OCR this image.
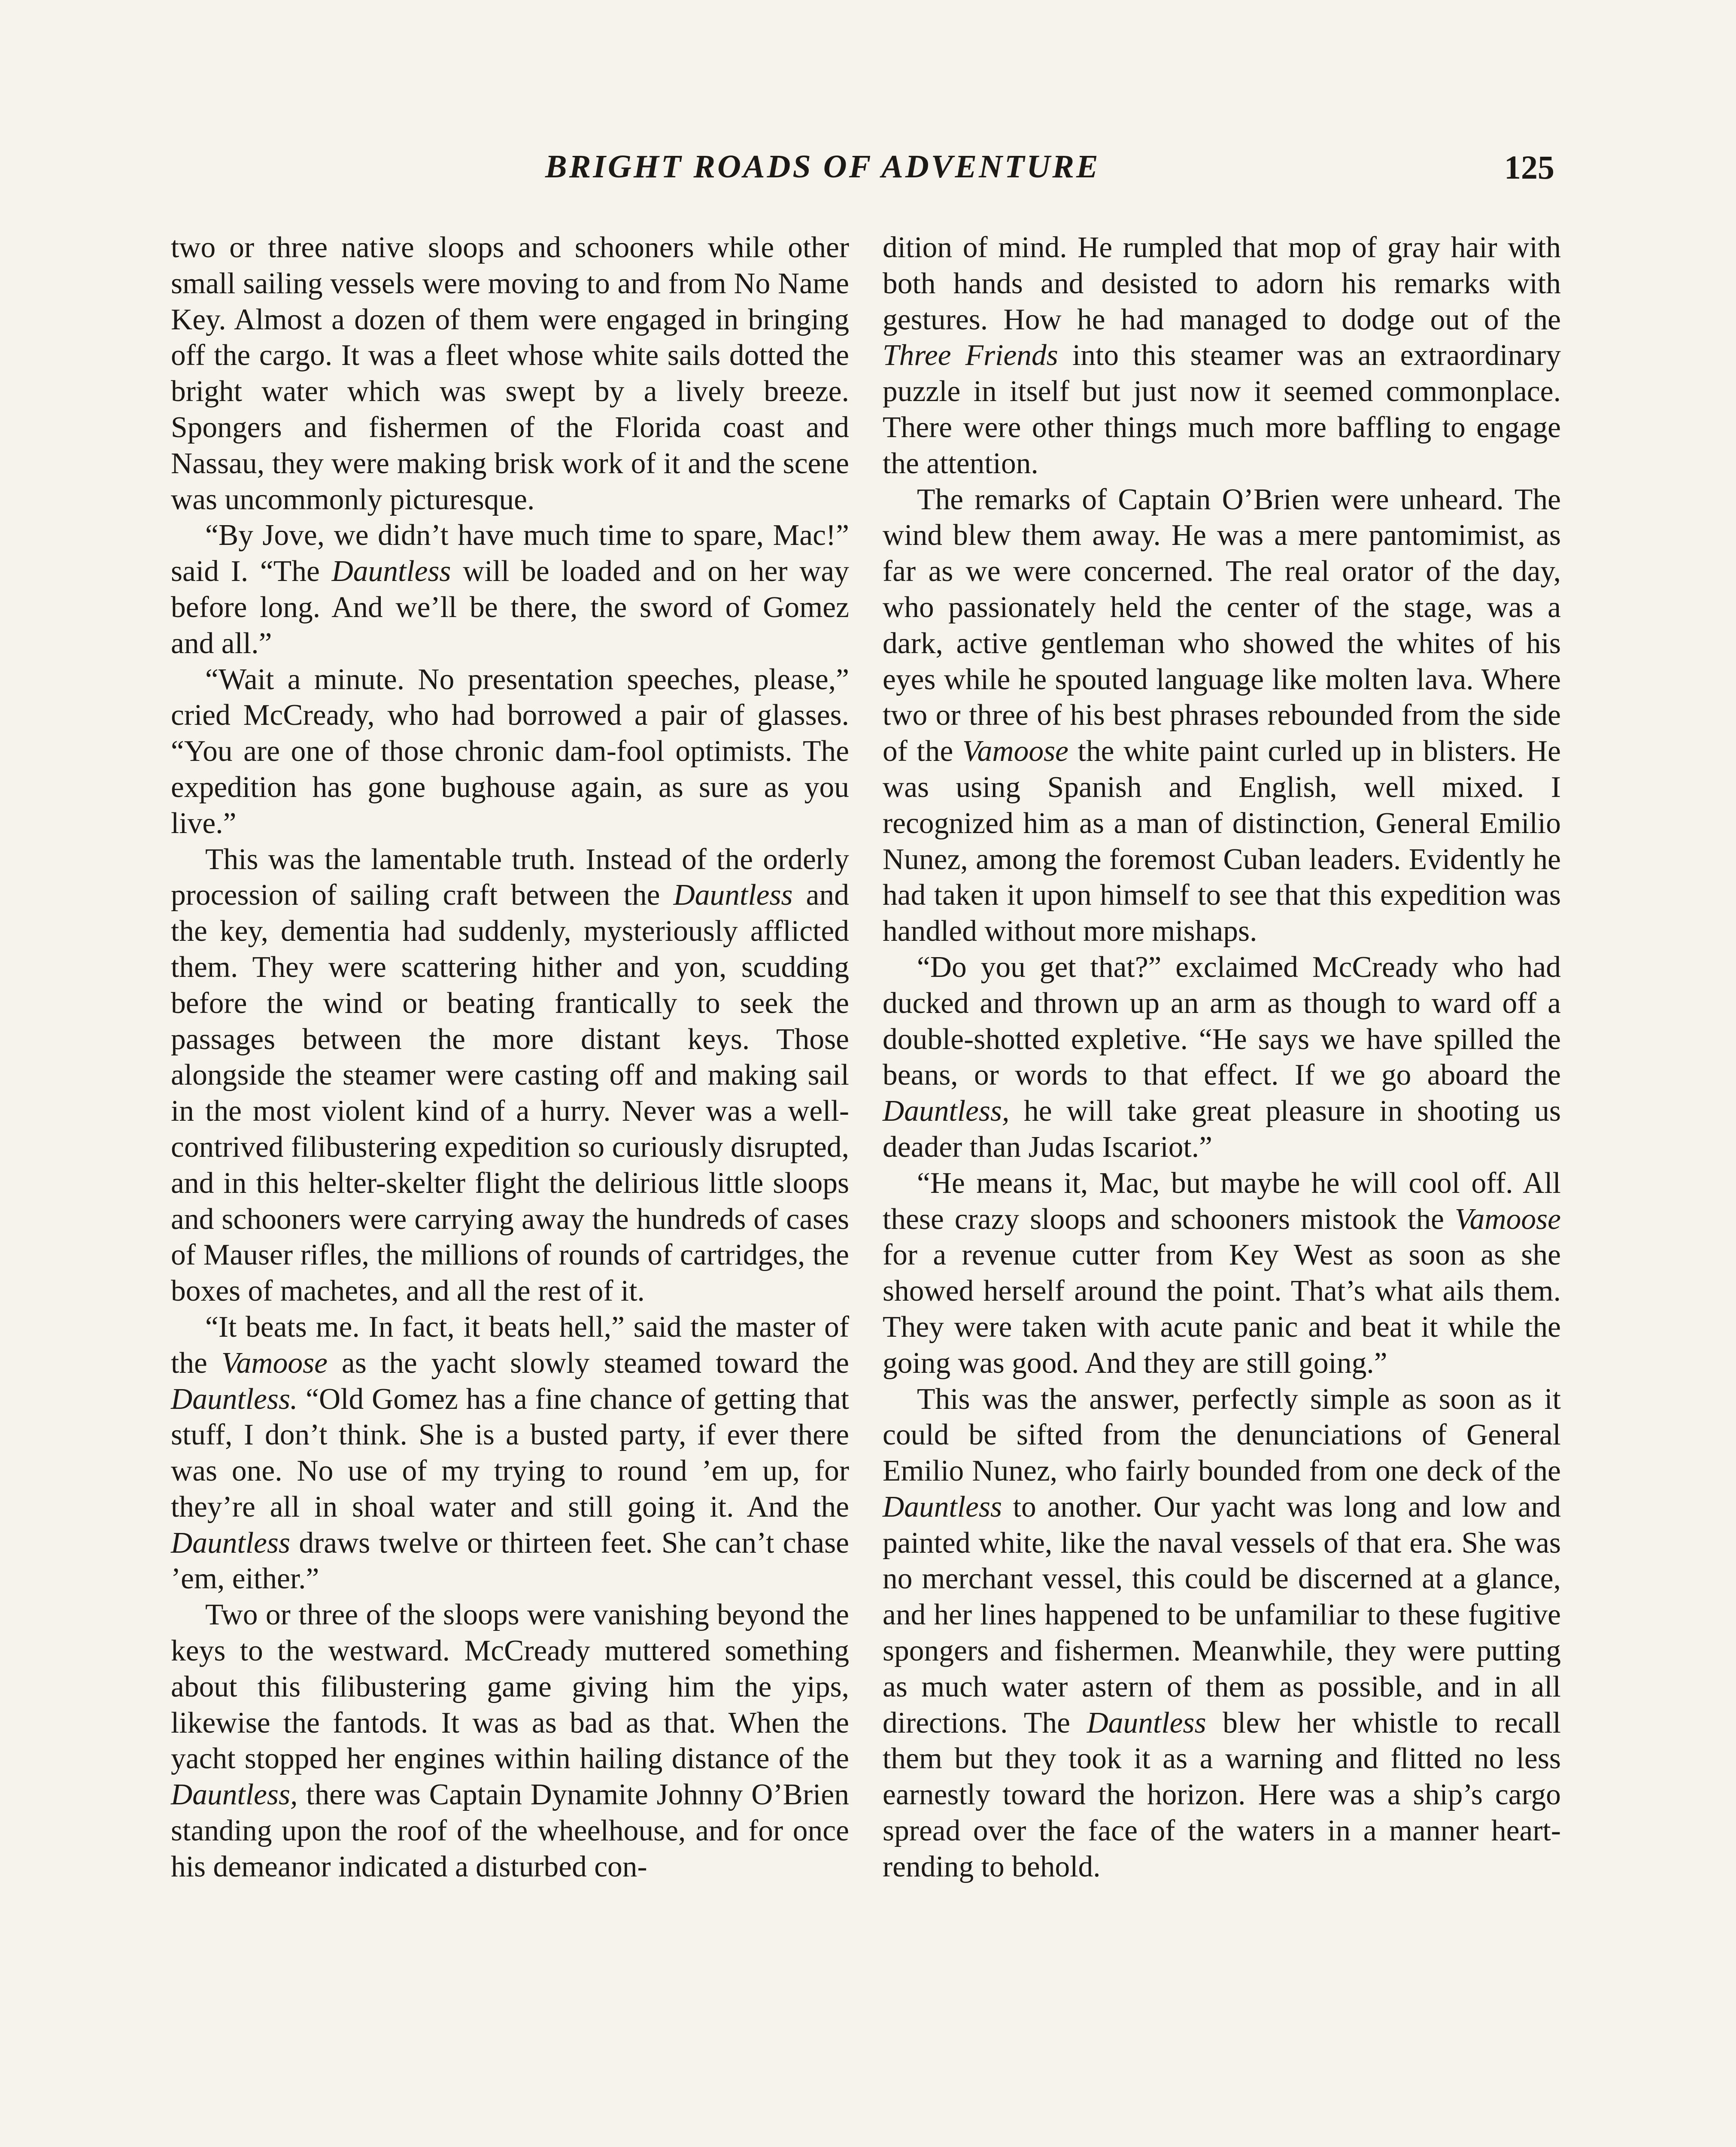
BRIGHT ROADS OF ADVENTURE	125

two or three native sloops and schooners while other small sailing vessels were moving to and from No Name Key. Almost a dozen of them were engaged in bringing off the cargo. It was a fleet whose white sails dotted the bright water which was swept by a lively breeze. Spongers and fishermen of the Florida coast and Nassau, they were making brisk work of it and the scene was uncommonly picturesque.

“By Jove, we didn’t have much time to spare, Mac!” said I. “The Dauntless will be loaded and on her way before long. And we’ll be there, the sword of Gomez and all.”

“Wait a minute. No presentation speeches, please,” cried McCready, who had borrowed a pair of glasses. “You are one of those chronic dam-fool optimists. The expedition has gone bughouse again, as sure as you live.”

This was the lamentable truth. Instead of the orderly procession of sailing craft between the Dauntless and the key, dementia had suddenly, mysteriously afflicted them. They were scattering hither and yon, scudding before the wind or beating frantically to seek the passages between the more distant keys. Those alongside the steamer were casting off and making sail in the most violent kind of a hurry. Never was a well-contrived filibustering expedition so curiously disrupted, and in this helter-skelter flight the delirious little sloops and schooners were carrying away the hundreds of cases of Mauser rifles, the millions of rounds of cartridges, the boxes of machetes, and all the rest of it.

“It beats me. In fact, it beats hell,” said the master of the Vamoose as the yacht slowly steamed toward the Dauntless. “Old Gomez has a fine chance of getting that stuff, I don’t think. She is a busted party, if ever there was one. No use of my trying to round ’em up, for they’re all in shoal water and still going it. And the Dauntless draws twelve or thirteen feet. She can’t chase ’em, either.”

Two or three of the sloops were vanishing beyond the keys to the westward. McCready muttered something about this filibustering game giving him the yips, likewise the fantods. It was as bad as that. When the yacht stopped her engines within hailing distance of the Dauntless, there was Captain Dynamite Johnny O’Brien standing upon the roof of the wheelhouse, and for once his demeanor indicated a disturbed con-

dition of mind. He rumpled that mop of gray hair with both hands and desisted to adorn his remarks with gestures. How he had managed to dodge out of the Three Friends into this steamer was an extraordinary puzzle in itself but just now it seemed commonplace. There were other things much more baffling to engage the attention.

The remarks of Captain O’Brien were unheard. The wind blew them away. He was a mere pantomimist, as far as we were concerned. The real orator of the day, who passionately held the center of the stage, was a dark, active gentleman who showed the whites of his eyes while he spouted language like molten lava. Where two or three of his best phrases rebounded from the side of the Vamoose the white paint curled up in blisters. He was using Spanish and English, well mixed. I recognized him as a man of distinction, General Emilio Nunez, among the foremost Cuban leaders. Evidently he had taken it upon himself to see that this expedition was handled without more mishaps.

“Do you get that?” exclaimed McCready who had ducked and thrown up an arm as though to ward off a double-shotted expletive. “He says we have spilled the beans, or words to that effect. If we go aboard the Dauntless, he will take great pleasure in shooting us deader than Judas Iscariot.”

“He means it, Mac, but maybe he will cool off. All these crazy sloops and schooners mistook the Vamoose for a revenue cutter from Key West as soon as she showed herself around the point. That’s what ails them. They were taken with acute panic and beat it while the going was good. And they are still going.”

This was the answer, perfectly simple as soon as it could be sifted from the denunciations of General Emilio Nunez, who fairly bounded from one deck of the Dauntless to another. Our yacht was long and low and painted white, like the naval vessels of that era. She was no merchant vessel, this could be discerned at a glance, and her lines happened to be unfamiliar to these fugitive spongers and fishermen. Meanwhile, they were putting as much water astern of them as possible, and in all directions. The Dauntless blew her whistle to recall them but they took it as a warning and flitted no less earnestly toward the horizon. Here was a ship’s cargo spread over the face of the waters in a manner heart-rending to behold.
